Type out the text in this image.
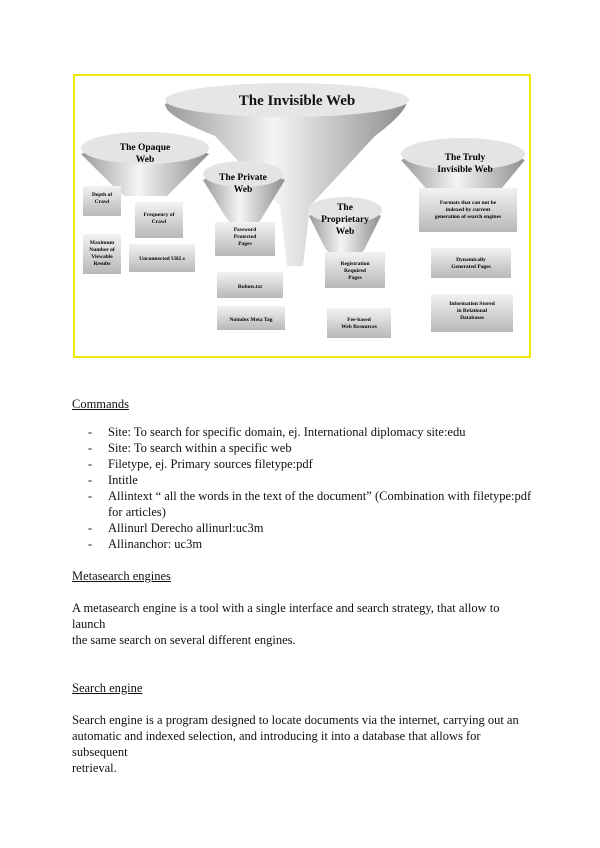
The Invisible Web
The Opaque
Web
Depth of
Crawl
Frequency of
Crawl
Maximum
Number of
Viewable
Results
Unconnected URLs
The Private
Web
Password
Protected
Pages
Robots.txt
Noindex Meta Tag
The
Proprietary
Web
Registration
Required
Pages
Fee-based
Web Resources
The Truly
Invisible Web
Formats that can not be
indexed by current
generation of search engines
Dynamically
Generated Pages
Information Stored
in Relational
Databases

Commands

- Site: To search for specific domain, ej. International diplomacy site:edu
- Site: To search within a specific web
- Filetype, ej. Primary sources filetype:pdf
- Intitle
- Allintext “ all the words in the text of the document” (Combination with filetype:pdf
for articles)
- Allinurl Derecho allinurl:uc3m
- Allinanchor: uc3m

Metasearch engines

A metasearch engine is a tool with a single interface and search strategy, that allow to launch
the same search on several different engines.

Search engine

Search engine is a program designed to locate documents via the internet, carrying out an
automatic and indexed selection, and introducing it into a database that allows for subsequent
retrieval.
